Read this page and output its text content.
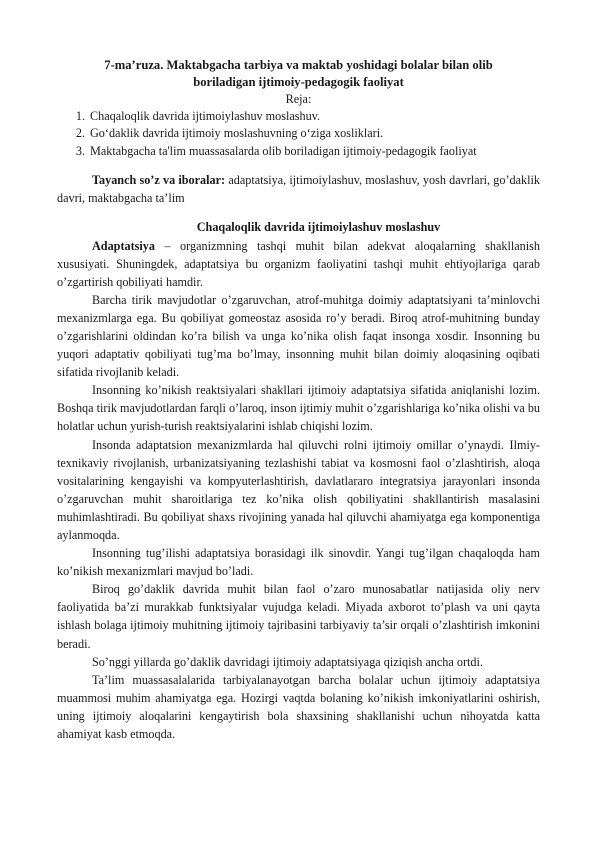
7-ma’ruza. Maktabgacha tarbiya va maktab yoshidagi bolalar bilan olib
boriladigan ijtimoiy-pedagogik faoliyat
Reja:
1. Chaqaloqlik davrida ijtimoiylashuv moslashuv.
2. Go‘daklik davrida ijtimoiy moslashuvning o‘ziga xosliklari.
3. Maktabgacha ta'lim muassasalarda olib boriladigan ijtimoiy-pedagogik faoliyat

Tayanch so’z va iboralar: adaptatsiya, ijtimoiylashuv, moslashuv, yosh davrlari, go’daklik davri, maktabgacha ta’lim

Chaqaloqlik davrida ijtimoiylashuv moslashuv

Adaptatsiya – organizmning tashqi muhit bilan adekvat aloqalarning shakllanish xususiyati. Shuningdek, adaptatsiya bu organizm faoliyatini tashqi muhit ehtiyojlariga qarab o’zgartirish qobiliyati hamdir.

Barcha tirik mavjudotlar o’zgaruvchan, atrof-muhitga doimiy adaptatsiyani ta’minlovchi mexanizmlarga ega. Bu qobiliyat gomeostaz asosida ro’y beradi. Biroq atrof-muhitning bunday o’zgarishlarini oldindan ko’ra bilish va unga ko’nika olish faqat insonga xosdir. Insonning bu yuqori adaptativ qobiliyati tug’ma bo’lmay, insonning muhit bilan doimiy aloqasining oqibati sifatida rivojlanib keladi.

Insonning ko’nikish reaktsiyalari shakllari ijtimoiy adaptatsiya sifatida aniqlanishi lozim. Boshqa tirik mavjudotlardan farqli o’laroq, inson ijtimiy muhit o’zgarishlariga ko’nika olishi va bu holatlar uchun yurish-turish reaktsiyalarini ishlab chiqishi lozim.

Insonda adaptatsion mexanizmlarda hal qiluvchi rolni ijtimoiy omillar o’ynaydi. Ilmiy-texnikaviy rivojlanish, urbanizatsiyaning tezlashishi tabiat va kosmosni faol o’zlashtirish, aloqa vositalarining kengayishi va kompyuterlashtirish, davlatlararo integratsiya jarayonlari insonda o’zgaruvchan muhit sharoitlariga tez ko’nika olish qobiliyatini shakllantirish masalasini muhimlashtiradi. Bu qobiliyat shaxs rivojining yanada hal qiluvchi ahamiyatga ega komponentiga aylanmoqda.

Insonning tug’ilishi adaptatsiya borasidagi ilk sinovdir. Yangi tug’ilgan chaqaloqda ham ko’nikish mexanizmlari mavjud bo’ladi.

Biroq go’daklik davrida muhit bilan faol o’zaro munosabatlar natijasida oliy nerv faoliyatida ba’zi murakkab funktsiyalar vujudga keladi. Miyada axborot to’plash va uni qayta ishlash bolaga ijtimoiy muhitning ijtimoiy tajribasini tarbiyaviy ta’sir orqali o’zlashtirish imkonini beradi.

So’nggi yillarda go’daklik davridagi ijtimoiy adaptatsiyaga qiziqish ancha ortdi.

Ta’lim muassasalalarida tarbiyalanayotgan barcha bolalar uchun ijtimoiy adaptatsiya muammosi muhim ahamiyatga ega. Hozirgi vaqtda bolaning ko’nikish imkoniyatlarini oshirish, uning ijtimoiy aloqalarini kengaytirish bola shaxsining shakllanishi uchun nihoyatda katta ahamiyat kasb etmoqda.
